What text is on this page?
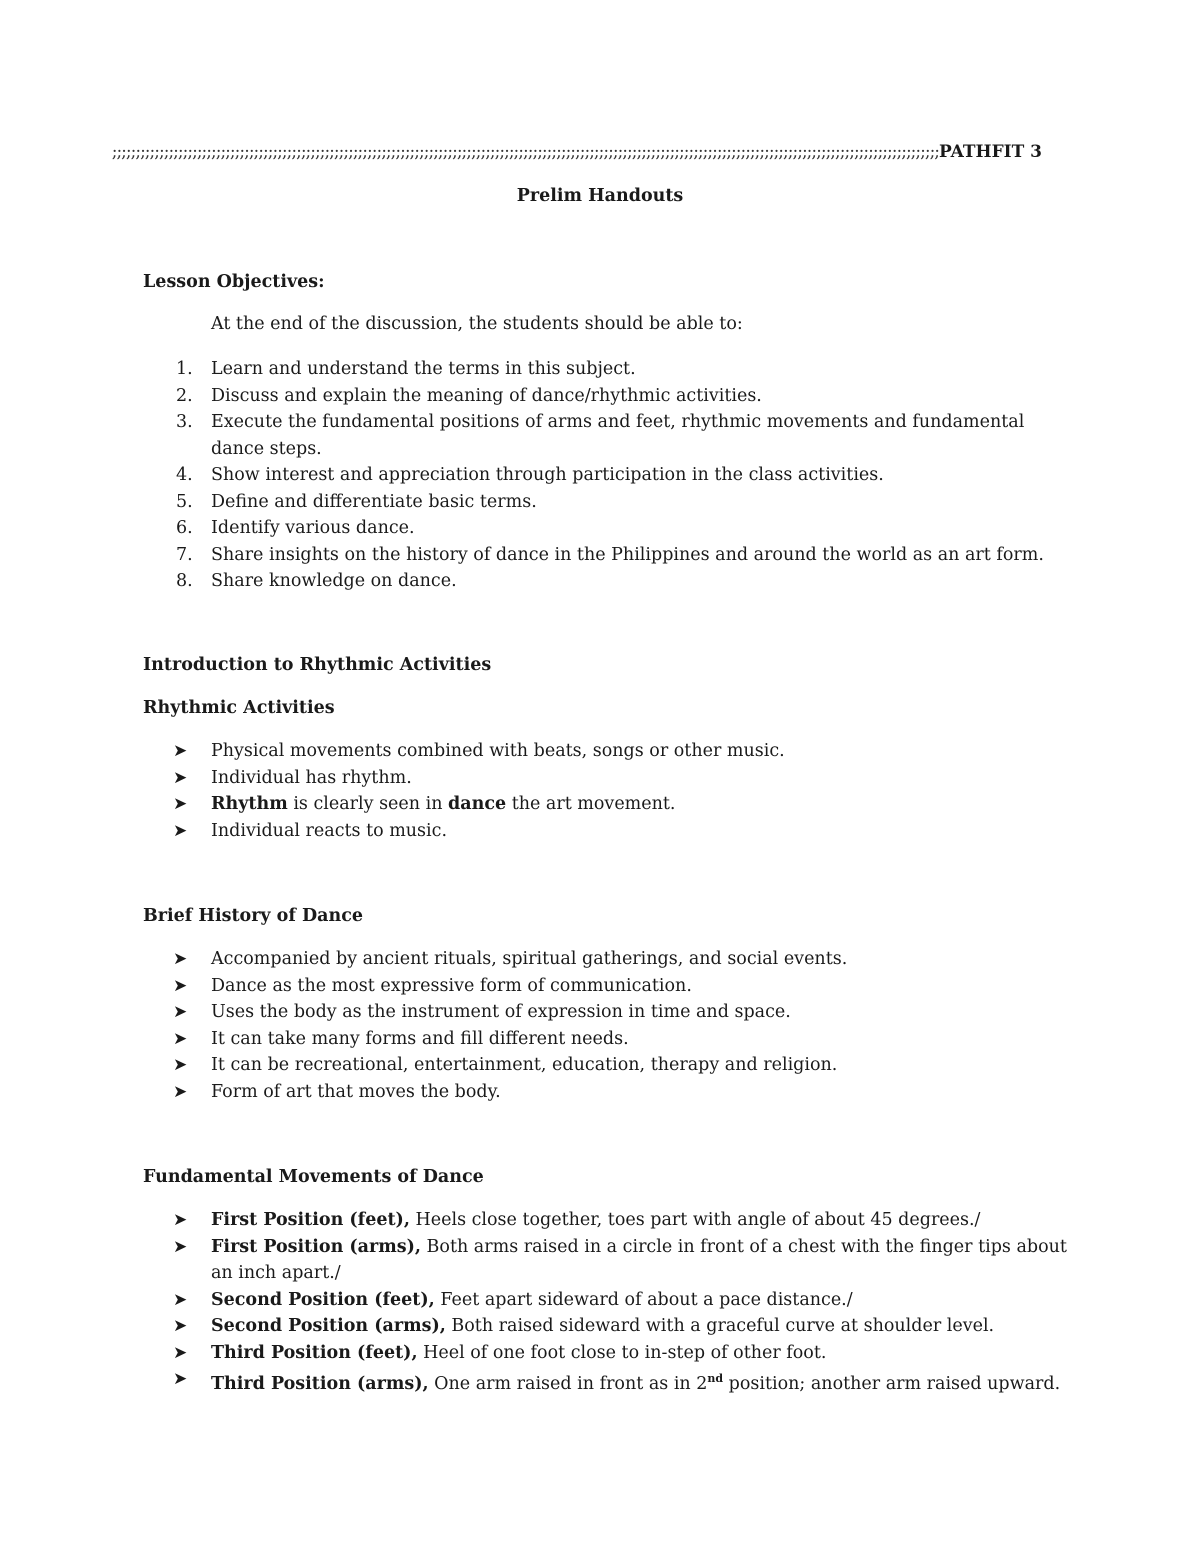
;;;;;;;;;;;;;;;;;;;;;;;;;;;;;;;;;;;;;;;;;;;;;;;;;;;;;;;;;;;;;;;;;;;;;;;;;;;;;;;;;;;;;;;;;;;;;;;;;;;;;;;;;;;;;;;;;;;;;;;;;;;;;;;;;;;;;;;;;;;;;;;;;;;;;;;;;;;;;;;;;;;;;;;;;;;;;;;PATHFIT 3
Prelim Handouts
Lesson Objectives:
At the end of the discussion, the students should be able to:
1. Learn and understand the terms in this subject.
2. Discuss and explain the meaning of dance/rhythmic activities.
3. Execute the fundamental positions of arms and feet, rhythmic movements and fundamental dance steps.
4. Show interest and appreciation through participation in the class activities.
5. Define and differentiate basic terms.
6. Identify various dance.
7. Share insights on the history of dance in the Philippines and around the world as an art form.
8. Share knowledge on dance.
Introduction to Rhythmic Activities
Rhythmic Activities
➤ Physical movements combined with beats, songs or other music.
➤ Individual has rhythm.
➤ Rhythm is clearly seen in dance the art movement.
➤ Individual reacts to music.
Brief History of Dance
➤ Accompanied by ancient rituals, spiritual gatherings, and social events.
➤ Dance as the most expressive form of communication.
➤ Uses the body as the instrument of expression in time and space.
➤ It can take many forms and fill different needs.
➤ It can be recreational, entertainment, education, therapy and religion.
➤ Form of art that moves the body.
Fundamental Movements of Dance
➤ First Position (feet), Heels close together, toes part with angle of about 45 degrees./
➤ First Position (arms), Both arms raised in a circle in front of a chest with the finger tips about an inch apart./
➤ Second Position (feet), Feet apart sideward of about a pace distance./
➤ Second Position (arms), Both raised sideward with a graceful curve at shoulder level.
➤ Third Position (feet), Heel of one foot close to in-step of other foot.
➤ Third Position (arms), One arm raised in front as in 2nd position; another arm raised upward.
